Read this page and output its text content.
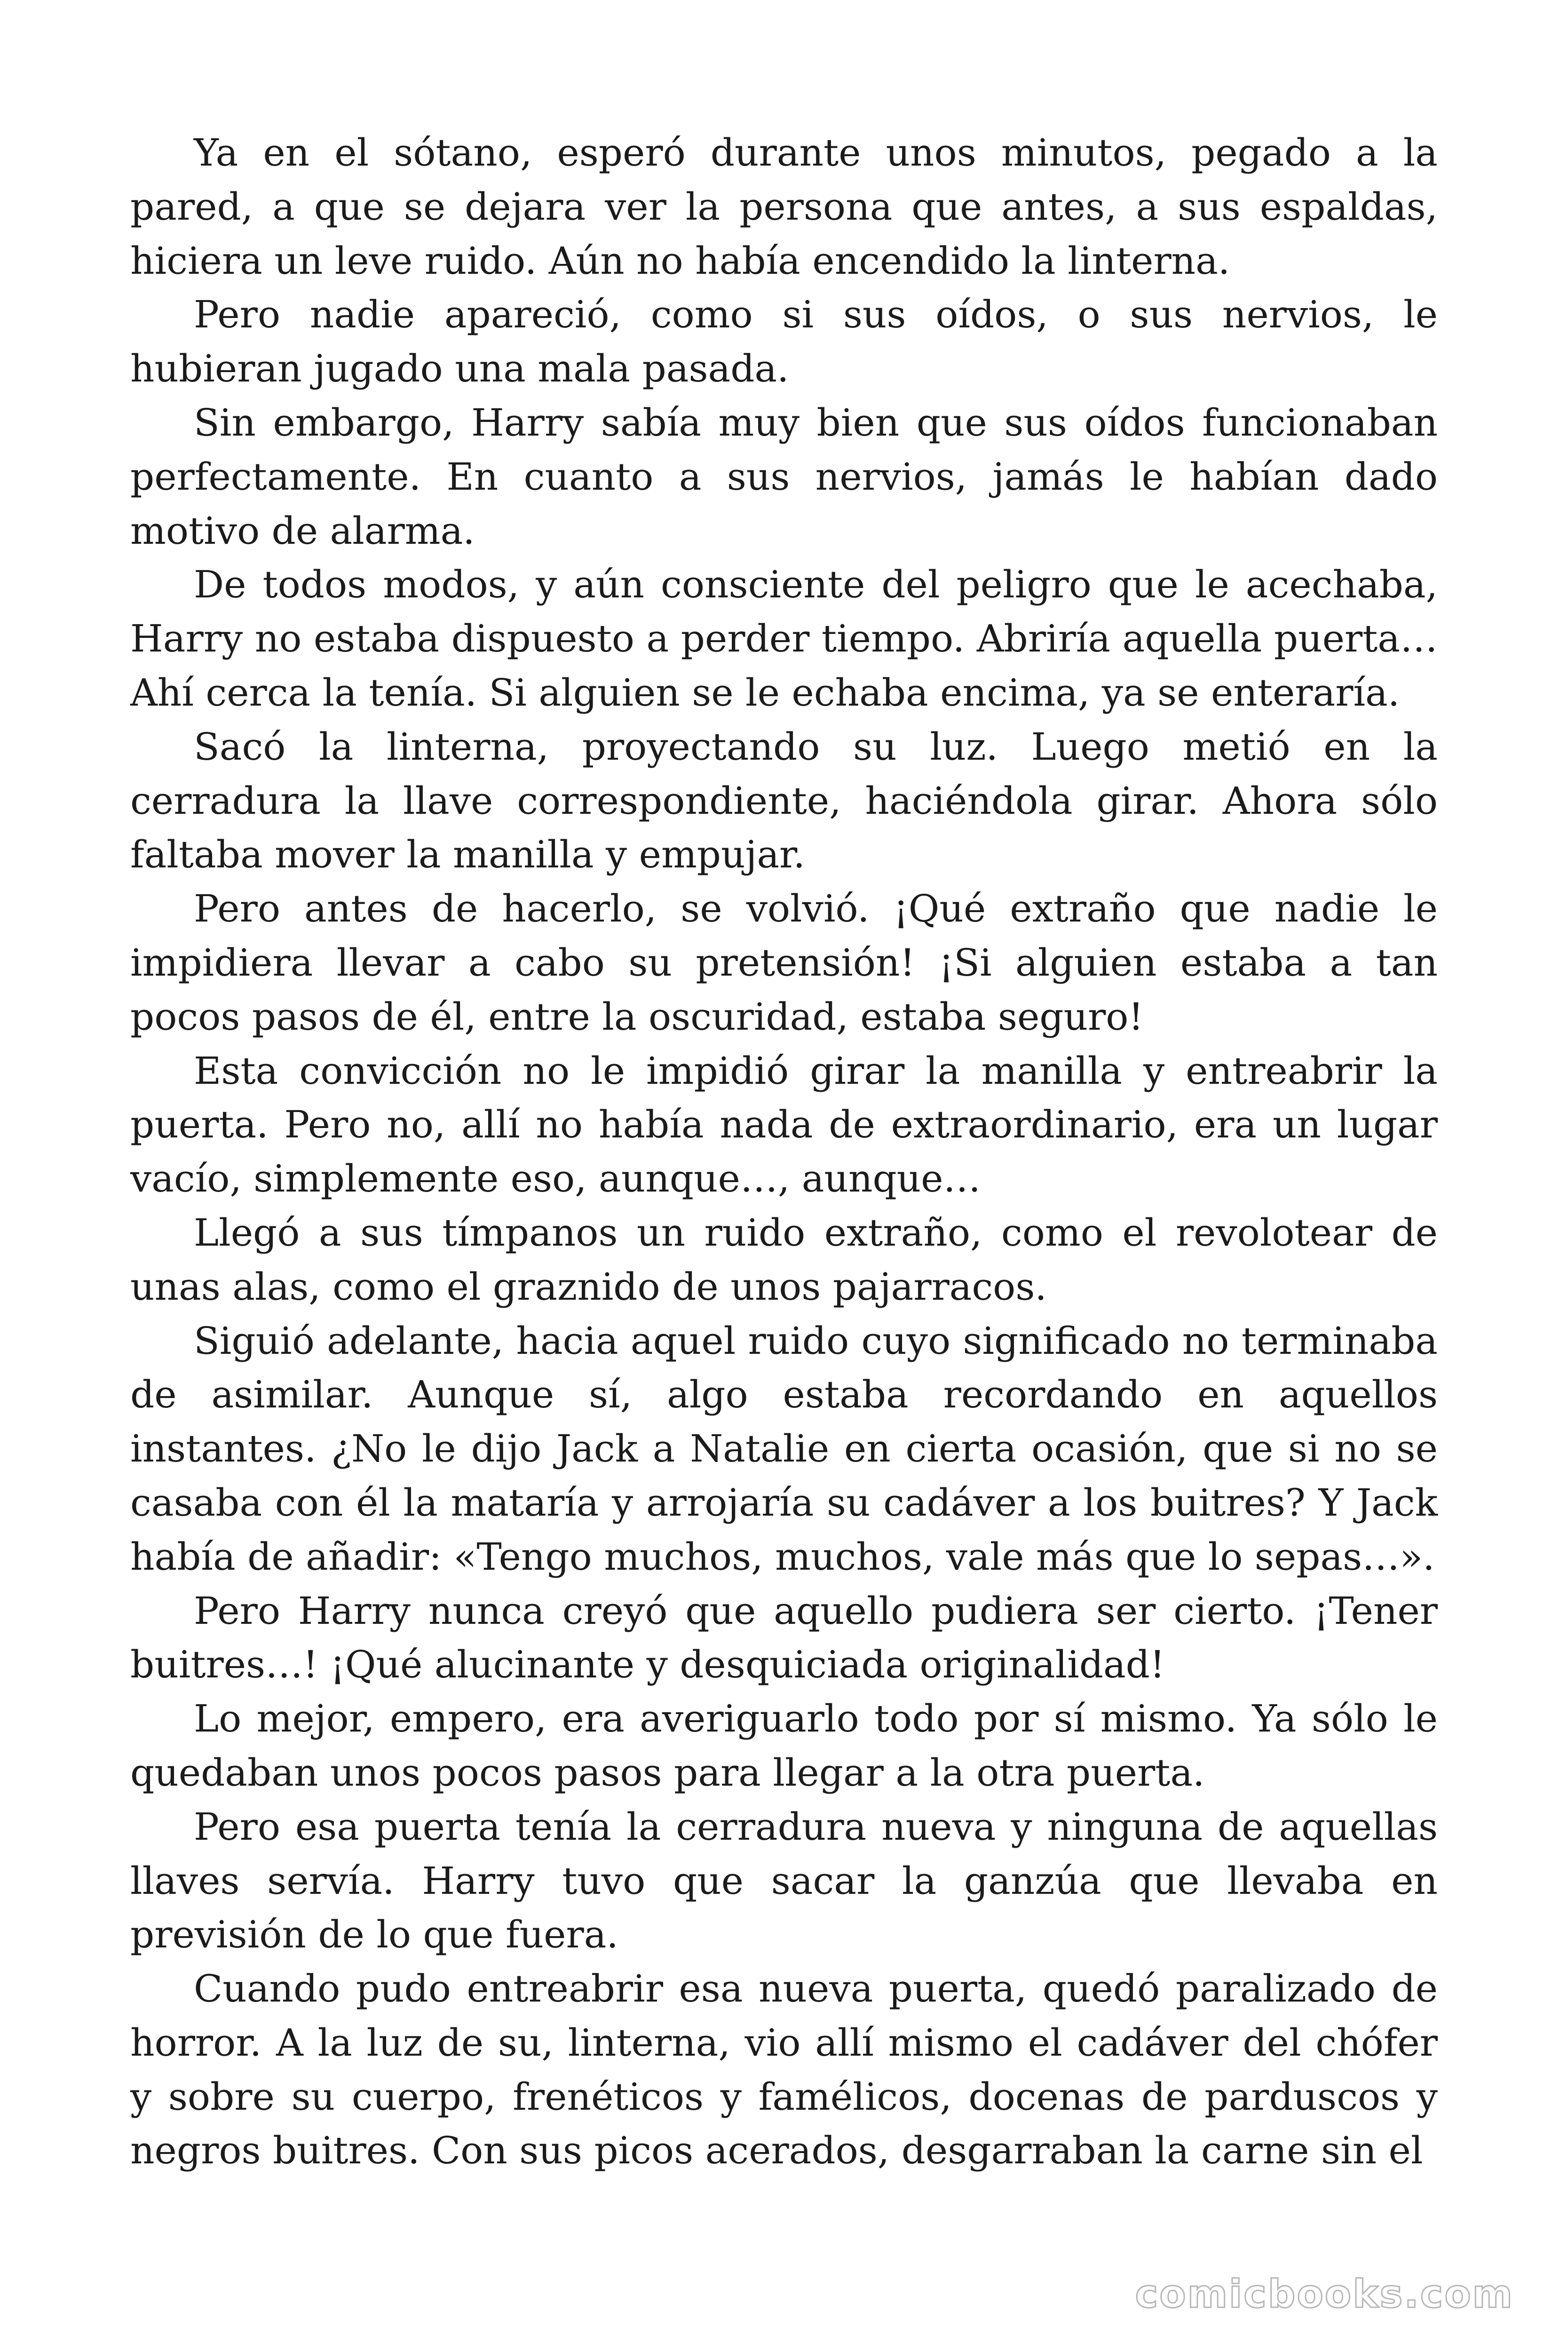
Ya en el sótano, esperó durante unos minutos, pegado a la pared, a que se dejara ver la persona que antes, a sus espaldas, hiciera un leve ruido. Aún no había encendido la linterna.

Pero nadie apareció, como si sus oídos, o sus nervios, le hubieran jugado una mala pasada.

Sin embargo, Harry sabía muy bien que sus oídos funcionaban perfectamente. En cuanto a sus nervios, jamás le habían dado motivo de alarma.

De todos modos, y aún consciente del peligro que le acechaba, Harry no estaba dispuesto a perder tiempo. Abriría aquella puerta… Ahí cerca la tenía. Si alguien se le echaba encima, ya se enteraría.

Sacó la linterna, proyectando su luz. Luego metió en la cerradura la llave correspondiente, haciéndola girar. Ahora sólo faltaba mover la manilla y empujar.

Pero antes de hacerlo, se volvió. ¡Qué extraño que nadie le impidiera llevar a cabo su pretensión! ¡Si alguien estaba a tan pocos pasos de él, entre la oscuridad, estaba seguro!

Esta convicción no le impidió girar la manilla y entreabrir la puerta. Pero no, allí no había nada de extraordinario, era un lugar vacío, simplemente eso, aunque…, aunque…

Llegó a sus tímpanos un ruido extraño, como el revolotear de unas alas, como el graznido de unos pajarracos.

Siguió adelante, hacia aquel ruido cuyo significado no terminaba de asimilar. Aunque sí, algo estaba recordando en aquellos instantes. ¿No le dijo Jack a Natalie en cierta ocasión, que si no se casaba con él la mataría y arrojaría su cadáver a los buitres? Y Jack había de añadir: «Tengo muchos, muchos, vale más que lo sepas…».

Pero Harry nunca creyó que aquello pudiera ser cierto. ¡Tener buitres…! ¡Qué alucinante y desquiciada originalidad!

Lo mejor, empero, era averiguarlo todo por sí mismo. Ya sólo le quedaban unos pocos pasos para llegar a la otra puerta.

Pero esa puerta tenía la cerradura nueva y ninguna de aquellas llaves servía. Harry tuvo que sacar la ganzúa que llevaba en previsión de lo que fuera.

Cuando pudo entreabrir esa nueva puerta, quedó paralizado de horror. A la luz de su, linterna, vio allí mismo el cadáver del chófer y sobre su cuerpo, frenéticos y famélicos, docenas de parduscos y negros buitres. Con sus picos acerados, desgarraban la carne sin el

comicbooks.com
